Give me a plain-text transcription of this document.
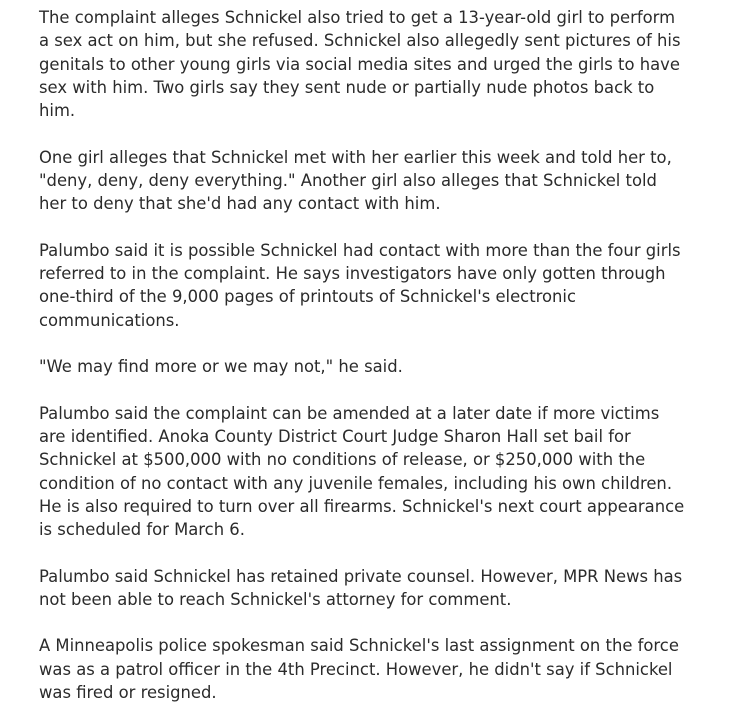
The complaint alleges Schnickel also tried to get a 13-year-old girl to perform a sex act on him, but she refused. Schnickel also allegedly sent pictures of his genitals to other young girls via social media sites and urged the girls to have sex with him. Two girls say they sent nude or partially nude photos back to him.

One girl alleges that Schnickel met with her earlier this week and told her to, "deny, deny, deny everything." Another girl also alleges that Schnickel told her to deny that she'd had any contact with him.

Palumbo said it is possible Schnickel had contact with more than the four girls referred to in the complaint. He says investigators have only gotten through one-third of the 9,000 pages of printouts of Schnickel's electronic communications.

"We may find more or we may not," he said.

Palumbo said the complaint can be amended at a later date if more victims are identified. Anoka County District Court Judge Sharon Hall set bail for Schnickel at $500,000 with no conditions of release, or $250,000 with the condition of no contact with any juvenile females, including his own children. He is also required to turn over all firearms. Schnickel's next court appearance is scheduled for March 6.

Palumbo said Schnickel has retained private counsel. However, MPR News has not been able to reach Schnickel's attorney for comment.

A Minneapolis police spokesman said Schnickel's last assignment on the force was as a patrol officer in the 4th Precinct. However, he didn't say if Schnickel was fired or resigned.
